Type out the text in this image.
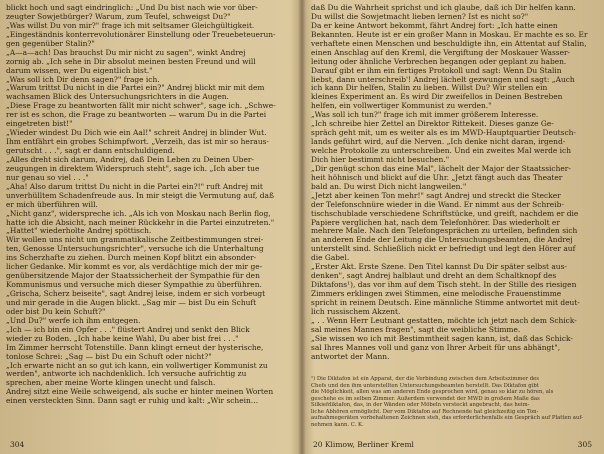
blickt hoch und sagt eindringlich: „Und Du bist nach wie vor über-
zeugter Sowjetbürger? Warum, zum Teufel, schweigst Du?"
„Was willst Du von mir?" frage ich mit seltsamer Gleichgültigkeit.
„Eingeständnis konterrevolutionärer Einstellung oder Treuebeteuerun-
gen gegenüber Stalin?"
„A—a—ach! Das brauchst Du mir nicht zu sagen", winkt Andrej
zornig ab. „Ich sehe in Dir absolut meinen besten Freund und will
darum wissen, wer Du eigentlich bist."
„Was soll ich Dir denn sagen?" frage ich.
„Warum trittst Du nicht in die Partei ein?" Andrej blickt mir mit dem
wachsamen Blick des Untersuchungsrichters in die Augen.
„Diese Frage zu beantworten fällt mir nicht schwer", sage ich. „Schwe-
rer ist es schon, die Frage zu beantworten — warum Du in die Partei
eingetreten bist!"
„Wieder windest Du Dich wie ein Aal!" schreit Andrej in blinder Wut.
Ihm entfährt ein grobes Schimpfwort. „Verzeih, das ist mir so heraus-
gerutscht . . .", sagt er dann entschuldigend.
„Alles dreht sich darum, Andrej, daß Dein Leben zu Deinen Über-
zeugungen in direktem Widerspruch steht", sage ich. „Ich aber tue
nur genau so viel . . ."
„Aha! Also darum trittst Du nicht in die Partei ein?!" ruft Andrej mit
unverhülltem Schadenfreude aus. In mir steigt die Vermutung auf, daß
er mich überführen will.
„Nicht ganz", widerspreche ich. „Als ich von Moskau nach Berlin flog,
hatte ich die Absicht, nach meiner Rückkehr in die Partei einzutreten."
„Hattet" wiederholte Andrej spöttisch.
Wir wollen uns nicht um grammatikalische Zeitbestimmungen strei-
ten, Genosse Untersuchungsrichter", versuche ich die Unterhaltung
ins Scherzhafte zu ziehen. Durch meinen Kopf blitzt ein absonder-
licher Gedanke. Mir kommt es vor, als verdächtige mich der mir ge-
genübersitzende Major der Staatssicherheit der Sympathie für den
Kommunismus und versuche mich dieser Sympathie zu überführen.
„Grischa, Scherz beiseite", sagt Andrej leise, indem er sich vorbeugt
und mir gerade in die Augen blickt. „Sag mir — bist Du ein Schuft
oder bist Du kein Schuft?"
„Und Du?" werfe ich ihm entgegen.
„Ich — ich bin ein Opfer . . ." flüstert Andrej und senkt den Blick
wieder zu Boden. „Ich habe keine Wahl, Du aber bist frei . . ."
Im Zimmer herrscht Totenstille. Dann klingt erneut der hysterische,
tonlose Schrei: „Sag — bist Du ein Schuft oder nicht?"
„Ich erwarte nicht an so gut ich kann, ein vollwertiger Kommunist zu
werden", antworte ich nachdenklich. Ich versuche aufrichtig zu
sprechen, aber meine Worte klingen unecht und falsch.
Andrej sitzt eine Weile schweigend, als suche er hinter meinen Worten
einen versteckten Sinn. Dann sagt er ruhig und kalt: „Wir schein…
304
daß Du die Wahrheit sprichst und ich glaube, daß ich Dir helfen kann.
Du willst die Sowjetmacht lieben lernen? Ist es nicht so?"
Da er keine Antwort bekommt, fährt Andrej fort: „Ich hatte einen
Bekannten. Heute ist er ein großer Mann in Moskau. Er machte es so. Er
verhaftete einen Menschen und beschuldigte ihn, ein Attentat auf Stalin,
einen Anschlag auf den Kreml, die Vergiftung der Moskauer Wasser-
leitung oder ähnliche Verbrechen begangen oder geplant zu haben.
Darauf gibt er ihm ein fertiges Protokoll und sagt: Wenn Du Stalin
liebst, dann unterschreib'! Andrej lächelt gezwungen und sagt: „Auch
ich kann Dir helfen, Stalin zu lieben. Willst Du? Wir stellen ein
kleines Experiment an. Es wird Dir zweifellos in Deinen Bestreben
helfen, ein vollwertiger Kommunist zu werden."
„Was soll ich tun?" frage ich mit immer größerem Interesse.
„Ich schreibe hier Zettel an Direktor Rittekeit. Dieses ganze Ge-
spräch geht mit, um es weiter als es im MWD-Hauptquartier Deutsch-
lands geführt wird, auf die Nerven. „Ich denke nicht daran, irgend-
welche Protokolle zu unterschreiben. Und ein zweites Mal werde ich
Dich hier bestimmt nicht besuchen."
„Dir genügt schon das eine Mal", lächelt der Major der Staatssicher-
heit höhnisch und blickt auf die Uhr. „Jetzt fängt auch das Theater
bald an. Du wirst Dich nicht langweilen."
„Jetzt aber keinen Ton mehr!" sagt Andrej und streckt die Stecker
der Telefonschnüre wieder in die Wand. Er nimmt aus der Schreib-
tischschublade verschiedene Schriftstücke, und greift, nachdem er die
Papiere verglichen hat, nach dem Telefonhörer. Das wiederholt er
mehrere Male. Nach den Telefongesprächen zu urteilen, befinden sich
an anderen Ende der Leitung die Untersuchungsbeamten, die Andrej
unterstellt sind. Schließlich nickt er befriedigt und legt den Hörer auf
die Gabel.
„Erster Akt. Erste Szene. Den Titel kannst Du Dir später selbst aus-
denken", sagt Andrej halblaut und dreht an dem Schaltknopf des
Diktafons¹), das vor ihm auf dem Tisch steht. In der Stille des riesigen
Zimmers erklingen zwei Stimmen, eine melodische Frauenstimme
spricht in reinem Deutsch. Eine männliche Stimme antwortet mit deut-
lich russischem Akzent.
„ . . Wenn Herr Leutnant gestatten, möchte ich jetzt nach dem Schick-
sal meines Mannes fragen", sagt die weibliche Stimme.
„Sie wissen wo ich mit Bestimmtheit sagen kann, ist, daß das Schick-
sal Ihres Mannes voll und ganz von Ihrer Arbeit für uns abhängt",
antwortet der Mann.
¹) Die Diktafon ist ein Apparat, der die Verbindung zwischen dem Arbeitszimmer des
Chefs und den ihm unterstellten Untersuchungsbeamten herstellt. Das Diktafon gibt
die Möglichkeit, allen was am anderen Ende gesprochen wird, genau so klar zu hören, als
geschehe es im selben Zimmer. Außerdem verwendet der MWD in großem Maße das
Silkiefdiktafon, das, in der Wänden oder Möbeln versteckt angebracht, das heim-
liche Abhören ermöglicht. Der vom Diktafon auf Rechnende hat gleichzeitig ein Ton-
aufnahmegeräten vorbehaltenen Zeichnen steh, das erforderlichenfalls ein Gespräch auf Platten auf-
nehmen kann. C. K.
20 Klimow, Berliner Kreml	305
